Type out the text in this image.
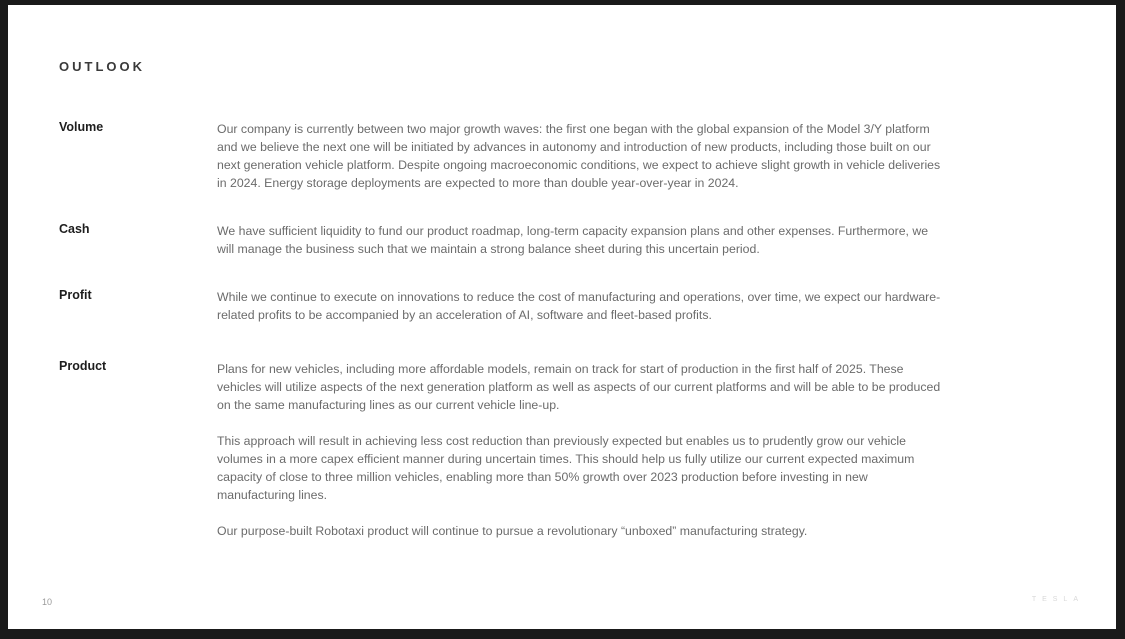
OUTLOOK
Volume	Our company is currently between two major growth waves: the first one began with the global expansion of the Model 3/Y platform and we believe the next one will be initiated by advances in autonomy and introduction of new products, including those built on our next generation vehicle platform. Despite ongoing macroeconomic conditions, we expect to achieve slight growth in vehicle deliveries in 2024. Energy storage deployments are expected to more than double year-over-year in 2024.

Cash	We have sufficient liquidity to fund our product roadmap, long-term capacity expansion plans and other expenses. Furthermore, we will manage the business such that we maintain a strong balance sheet during this uncertain period.

Profit	While we continue to execute on innovations to reduce the cost of manufacturing and operations, over time, we expect our hardware-related profits to be accompanied by an acceleration of AI, software and fleet-based profits.

Product	Plans for new vehicles, including more affordable models, remain on track for start of production in the first half of 2025. These vehicles will utilize aspects of the next generation platform as well as aspects of our current platforms and will be able to be produced on the same manufacturing lines as our current vehicle line-up.

This approach will result in achieving less cost reduction than previously expected but enables us to prudently grow our vehicle volumes in a more capex efficient manner during uncertain times. This should help us fully utilize our current expected maximum capacity of close to three million vehicles, enabling more than 50% growth over 2023 production before investing in new manufacturing lines.

Our purpose-built Robotaxi product will continue to pursue a revolutionary “unboxed” manufacturing strategy.

10	TESLA
